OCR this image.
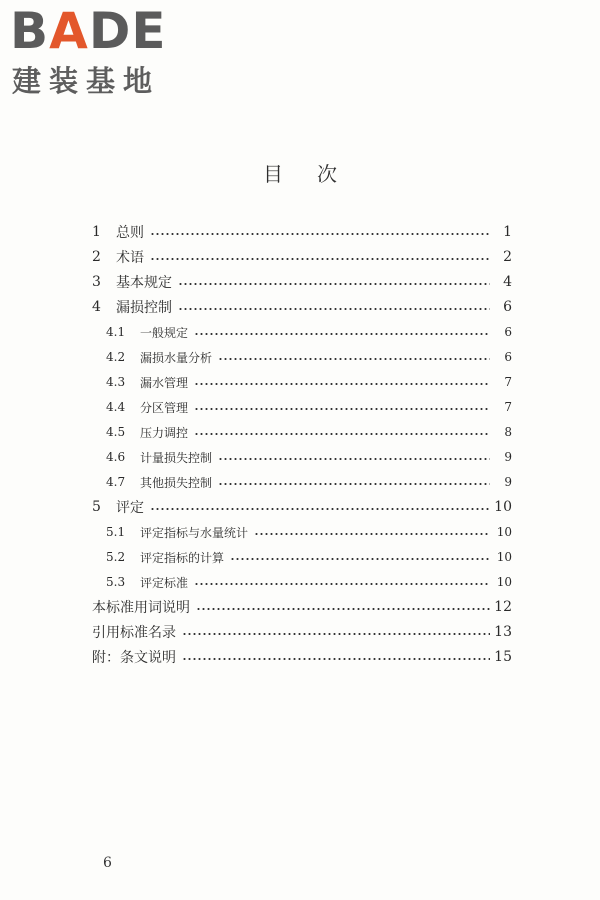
BADE
建装基地
目次
1	总则	1
2	术语	2
3	基本规定	4
4	漏损控制	6
4.1	一般规定	6
4.2	漏损水量分析	6
4.3	漏水管理	7
4.4	分区管理	7
4.5	压力调控	8
4.6	计量损失控制	9
4.7	其他损失控制	9
5	评定	10
5.1	评定指标与水量统计	10
5.2	评定指标的计算	10
5.3	评定标准	10
本标准用词说明	12
引用标准名录	13
附：条文说明	15
6
